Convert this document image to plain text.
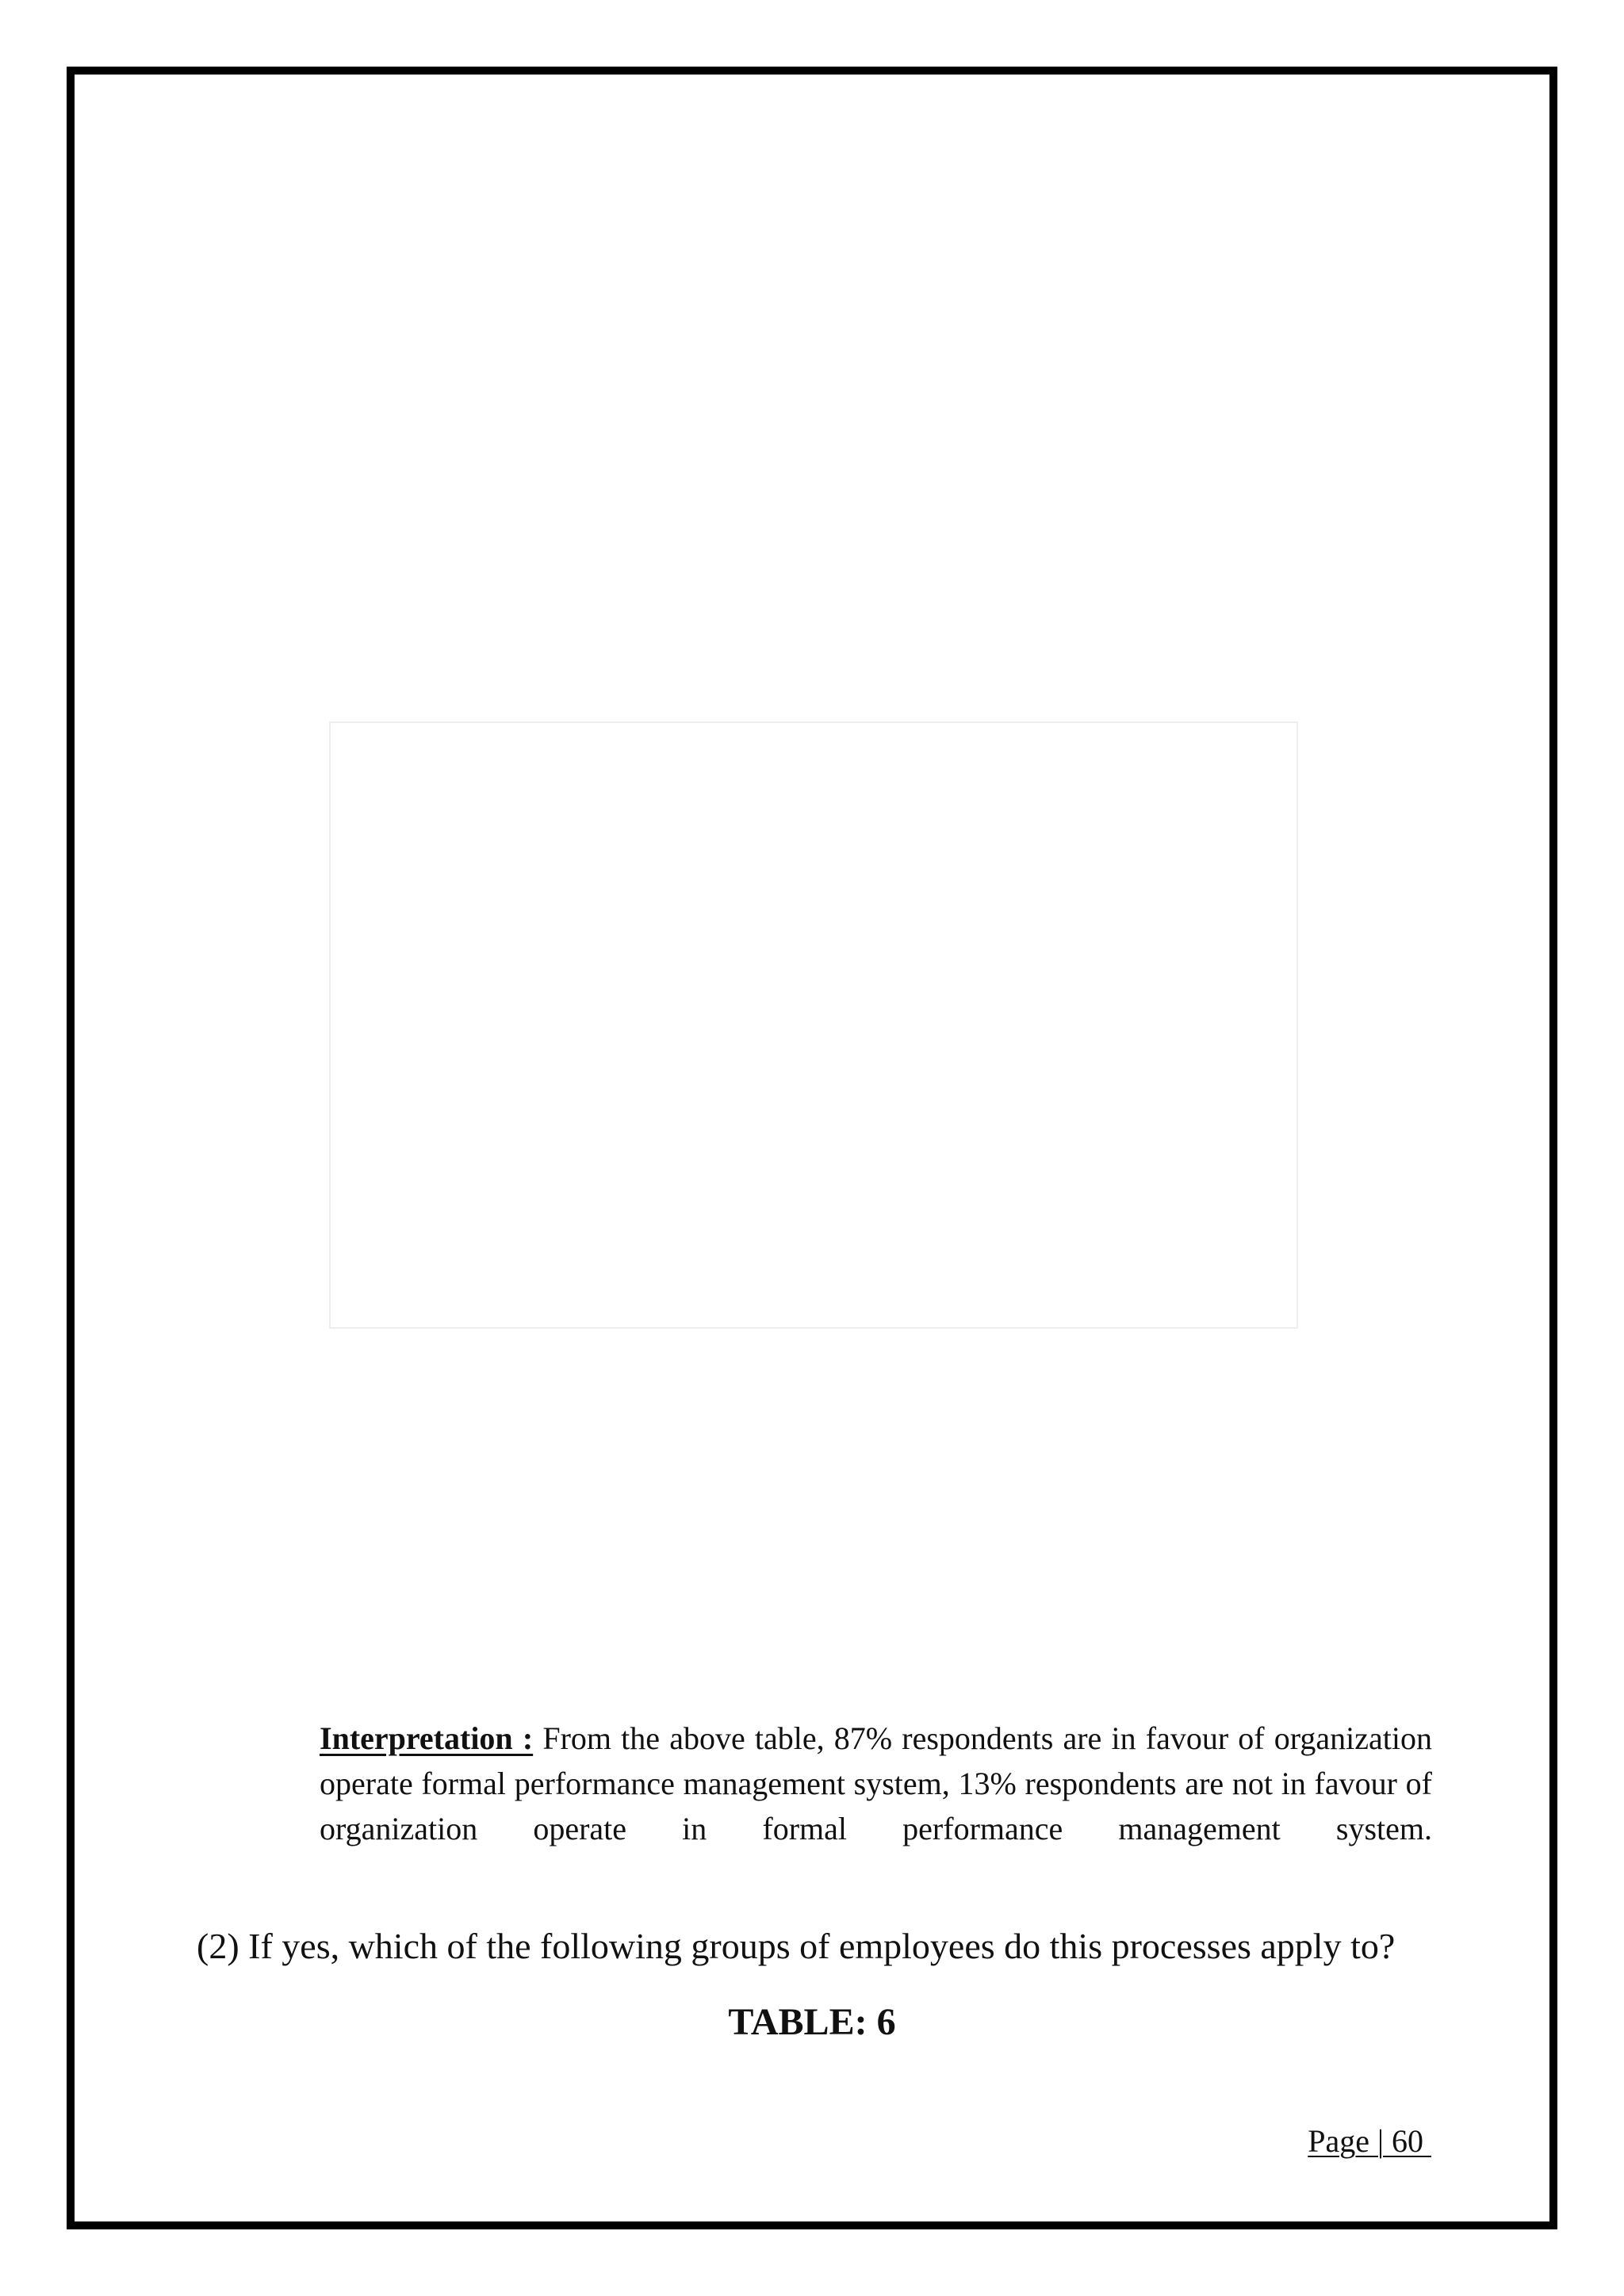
Interpretation : From the above table, 87% respondents are in favour of organization operate formal performance management system, 13% respondents are not in favour of organization operate in formal performance management system.
(2) If yes, which of the following groups of employees do this processes apply to?
TABLE: 6
Page | 60
